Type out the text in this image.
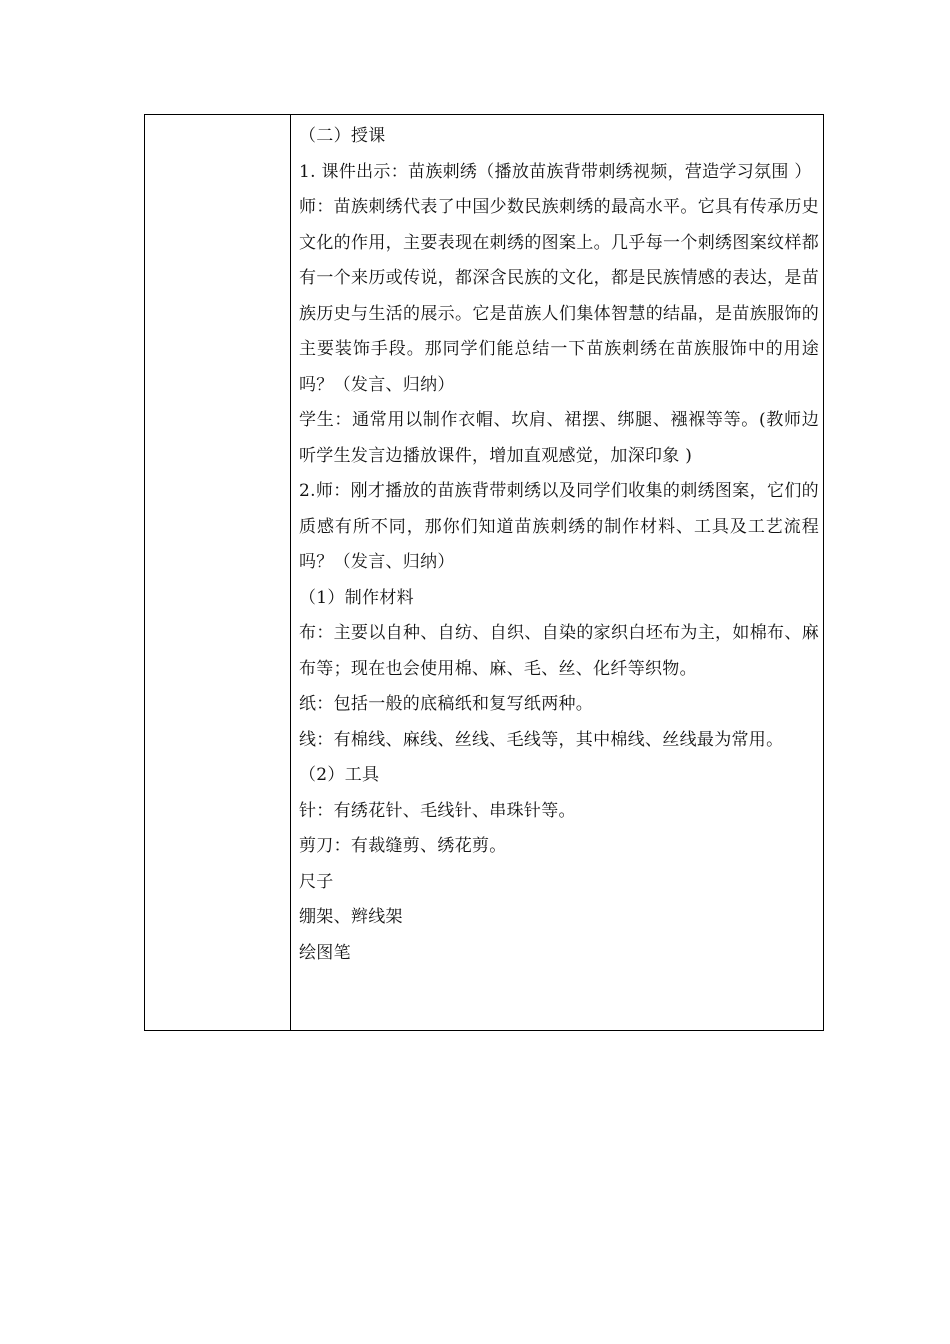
（二）授课

1. 课件出示：苗族刺绣（播放苗族背带刺绣视频，营造学习氛围 ）

师：苗族刺绣代表了中国少数民族刺绣的最高水平。它具有传承历史文化的作用，主要表现在刺绣的图案上。几乎每一个刺绣图案纹样都有一个来历或传说，都深含民族的文化，都是民族情感的表达，是苗族历史与生活的展示。它是苗族人们集体智慧的结晶，是苗族服饰的主要装饰手段。那同学们能总结一下苗族刺绣在苗族服饰中的用途吗？（发言、归纳）

学生：通常用以制作衣帽、坎肩、裙摆、绑腿、襁褓等等。(教师边听学生发言边播放课件，增加直观感觉，加深印象 )

2.师：刚才播放的苗族背带刺绣以及同学们收集的刺绣图案，它们的质感有所不同，那你们知道苗族刺绣的制作材料、工具及工艺流程吗？（发言、归纳）

（1）制作材料

布：主要以自种、自纺、自织、自染的家织白坯布为主，如棉布、麻布等；现在也会使用棉、麻、毛、丝、化纤等织物。

纸：包括一般的底稿纸和复写纸两种。

线：有棉线、麻线、丝线、毛线等，其中棉线、丝线最为常用。

（2）工具

针：有绣花针、毛线针、串珠针等。

剪刀：有裁缝剪、绣花剪。

尺子

绷架、辫线架

绘图笔
